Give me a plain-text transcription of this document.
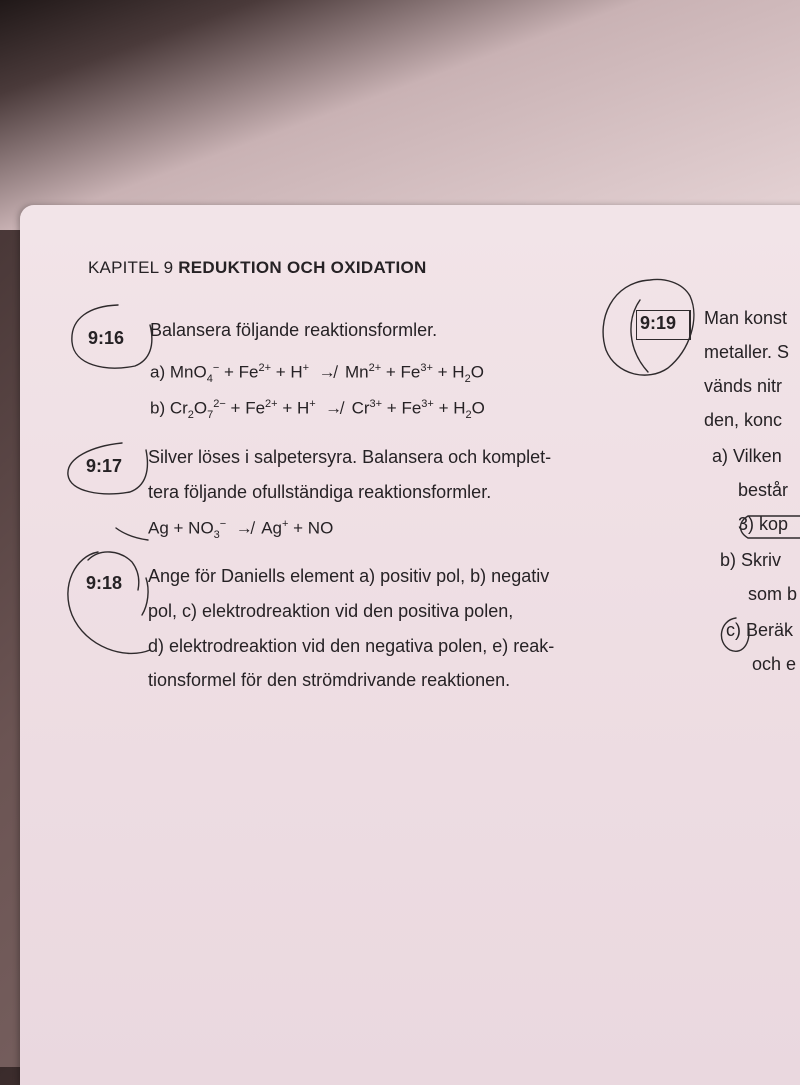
KAPITEL 9 REDUKTION OCH OXIDATION
9:16 Balansera följande reaktionsformler.
a) $MnO_4^- + Fe^{2+} + H^+$ ↛  $Mn^{2+} + Fe^{3+} + H_2O$
b) $Cr_2O_7^{2-} + Fe^{2+} + H^+$ ↛  $Cr^{3+} + Fe^{3+} + H_2O$
9:17 Silver löses i salpetersyra. Balansera och komplet-
tera följande ofullständiga reaktionsformler.
$Ag + NO_3^-$ ↛  Ag+ + NO
9:18 Ange för Daniells element a) positiv pol, b) negativ
pol, c) elektrodreaktion vid den positiva polen,
d) elektrodreaktion vid den negativa polen, e) reak-
tionsformel för den strömdrivande reaktionen.
9:19 Man konst
metaller. S
vänds nitr
den, konc
a) Vilken
består
3) kop
b) Skriv
som b
c) Beräk
och e
